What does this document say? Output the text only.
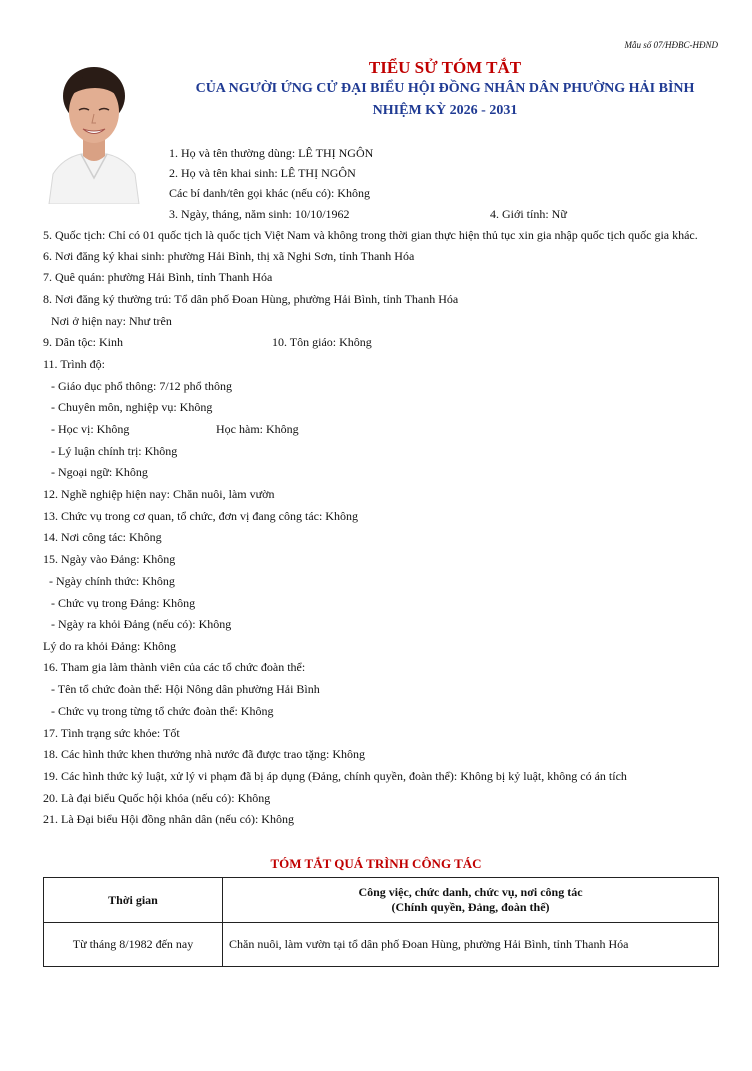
Mẫu số 07/HĐBC-HĐND
TIỂU SỬ TÓM TẮT
CỦA NGƯỜI ỨNG CỬ ĐẠI BIỂU HỘI ĐỒNG NHÂN DÂN PHƯỜNG HẢI BÌNH
NHIỆM KỲ 2026 - 2031
1. Họ và tên thường dùng: LÊ THỊ NGÔN
2. Họ và tên khai sinh: LÊ THỊ NGÔN
Các bí danh/tên gọi khác (nếu có): Không
3. Ngày, tháng, năm sinh: 10/10/1962	4. Giới tính: Nữ
5. Quốc tịch: Chỉ có 01 quốc tịch là quốc tịch Việt Nam và không trong thời gian thực hiện thủ tục xin gia nhập quốc tịch quốc gia khác.
6. Nơi đăng ký khai sinh: phường Hải Bình, thị xã Nghi Sơn, tỉnh Thanh Hóa
7. Quê quán: phường Hải Bình, tỉnh Thanh Hóa
8. Nơi đăng ký thường trú: Tổ dân phố Đoan Hùng, phường Hải Bình, tỉnh Thanh Hóa
Nơi ở hiện nay: Như trên
9. Dân tộc: Kinh	10. Tôn giáo: Không
11. Trình độ:
- Giáo dục phổ thông: 7/12 phổ thông
- Chuyên môn, nghiệp vụ: Không
- Học vị: Không	Học hàm: Không
- Lý luận chính trị: Không
- Ngoại ngữ: Không
12. Nghề nghiệp hiện nay: Chăn nuôi, làm vườn
13. Chức vụ trong cơ quan, tổ chức, đơn vị đang công tác: Không
14. Nơi công tác: Không
15. Ngày vào Đảng: Không
- Ngày chính thức: Không
- Chức vụ trong Đảng: Không
- Ngày ra khỏi Đảng (nếu có): Không
Lý do ra khỏi Đảng: Không
16. Tham gia làm thành viên của các tổ chức đoàn thể:
- Tên tổ chức đoàn thể: Hội Nông dân phường Hải Bình
- Chức vụ trong từng tổ chức đoàn thể: Không
17. Tình trạng sức khỏe: Tốt
18. Các hình thức khen thưởng nhà nước đã được trao tặng: Không
19. Các hình thức kỷ luật, xử lý vi phạm đã bị áp dụng (Đảng, chính quyền, đoàn thể): Không bị kỷ luật, không có án tích
20. Là đại biểu Quốc hội khóa (nếu có): Không
21. Là Đại biểu Hội đồng nhân dân (nếu có): Không
TÓM TẮT QUÁ TRÌNH CÔNG TÁC
Thời gian	Công việc, chức danh, chức vụ, nơi công tác
(Chính quyền, Đảng, đoàn thể)

Từ tháng 8/1982 đến nay	Chăn nuôi, làm vườn tại tổ dân phố Đoan Hùng, phường Hải Bình, tỉnh Thanh Hóa
